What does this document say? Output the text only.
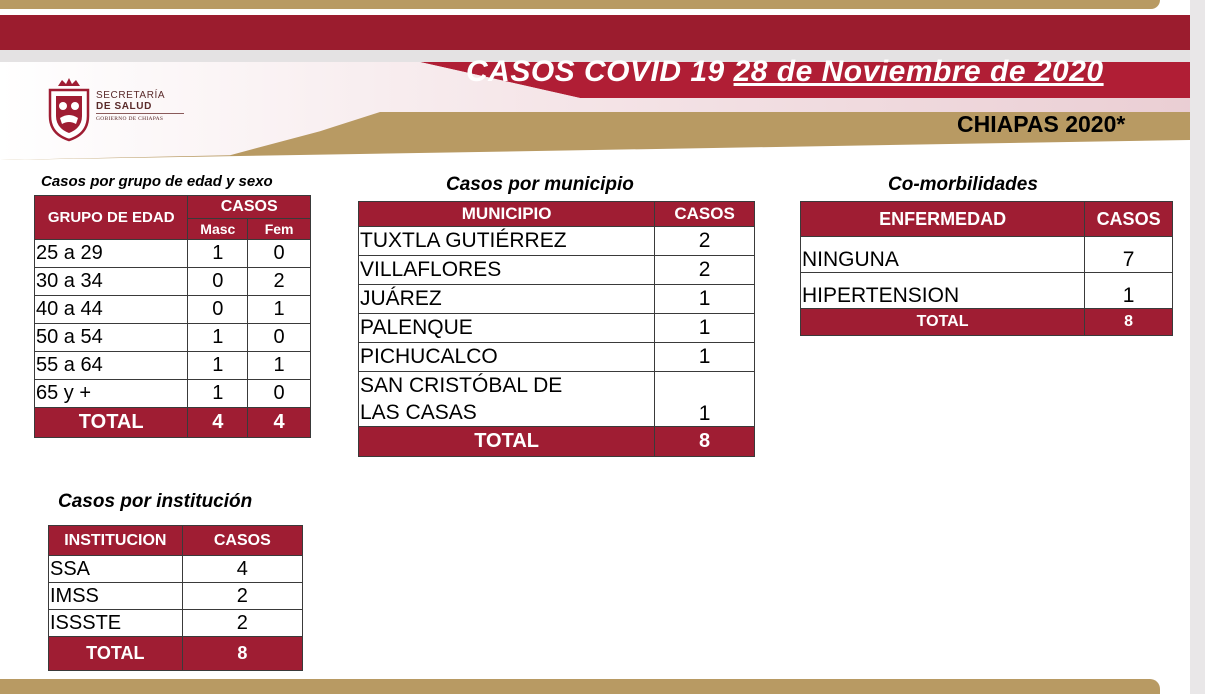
CASOS COVID 19 28 de Noviembre de 2020
CHIAPAS 2020*
SECRETARÍA
DE SALUD
GOBIERNO DE CHIAPAS
Casos por grupo de edad y sexo
GRUPO DE EDAD	CASOS	
	Masc	Fem
25 a 29	1	0
30 a 34	0	2
40 a 44	0	1
50 a 54	1	0
55 a 64	1	1
65 y +	1	0
TOTAL	4	4
Casos por municipio
MUNICIPIO	CASOS
TUXTLA GUTIÉRREZ	2
VILLAFLORES	2
JUÁREZ	1
PALENQUE	1
PICHUCALCO	1
SAN CRISTÓBAL DE LAS CASAS	1
TOTAL	8
Co-morbilidades
ENFERMEDAD	CASOS
NINGUNA	7
HIPERTENSION	1
TOTAL	8
Casos por institución
INSTITUCION	CASOS
SSA	4
IMSS	2
ISSSTE	2
TOTAL	8
